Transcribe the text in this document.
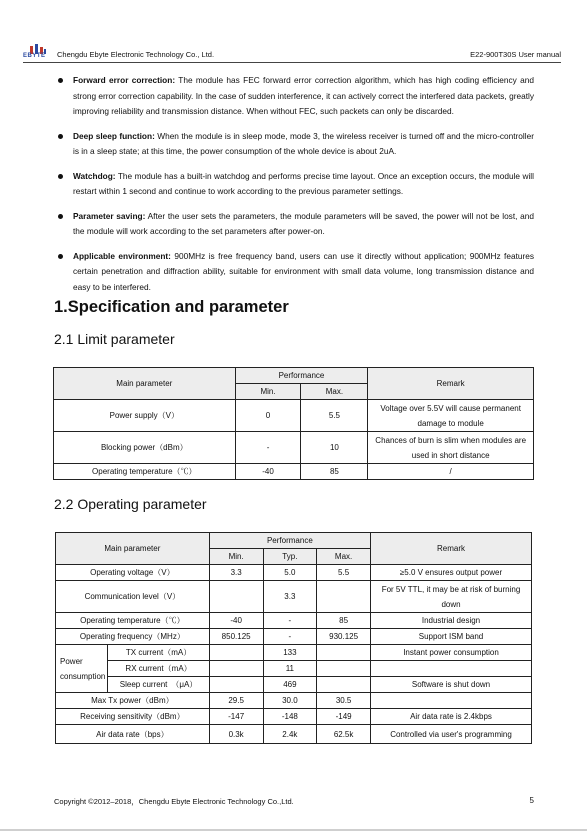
EBYTE Chengdu Ebyte Electronic Technology Co., Ltd.	E22-900T30S User manual
Forward error correction: The module has FEC forward error correction algorithm, which has high coding efficiency and strong error correction capability. In the case of sudden interference, it can actively correct the interfered data packets, greatly improving reliability and transmission distance. When without FEC, such packets can only be discarded.
Deep sleep function: When the module is in sleep mode, mode 3, the wireless receiver is turned off and the micro-controller is in a sleep state; at this time, the power consumption of the whole device is about 2uA.
Watchdog: The module has a built-in watchdog and performs precise time layout. Once an exception occurs, the module will restart within 1 second and continue to work according to the previous parameter settings.
Parameter saving: After the user sets the parameters, the module parameters will be saved, the power will not be lost, and the module will work according to the set parameters after power-on.
Applicable environment: 900MHz is free frequency band, users can use it directly without application; 900MHz features certain penetration and diffraction ability, suitable for environment with small data volume, long transmission distance and easy to be interfered.
1.Specification and parameter
2.1 Limit parameter
Main parameter	Performance		Remark
	Min.	Max.	
Power supply（V）	0	5.5	Voltage over 5.5V will cause permanent damage to module
Blocking power（dBm）	-	10	Chances of burn is slim when modules are used in short distance
Operating temperature（℃）	-40	85	/
2.2 Operating parameter
Main parameter		Performance			Remark
		Min.	Typ.	Max.	
Operating voltage（V）		3.3	5.0	5.5	≥5.0 V ensures output power
Communication level（V）			3.3		For 5V TTL, it may be at risk of burning down
Operating temperature（℃）		-40	-	85	Industrial design
Operating frequency（MHz）		850.125	-	930.125	Support ISM band
Power consumption	TX current（mA）		133		Instant power consumption
	RX current（mA）		11		
	Sleep current　（μA）		469		Software is shut down
Max Tx power（dBm）		29.5	30.0	30.5	
Receiving sensitivity（dBm）		-147	-148	-149	Air data rate is 2.4kbps
Air data rate（bps）		0.3k	2.4k	62.5k	Controlled via user's programming
Copyright ©2012–2018，Chengdu Ebyte Electronic Technology Co.,Ltd.	5
